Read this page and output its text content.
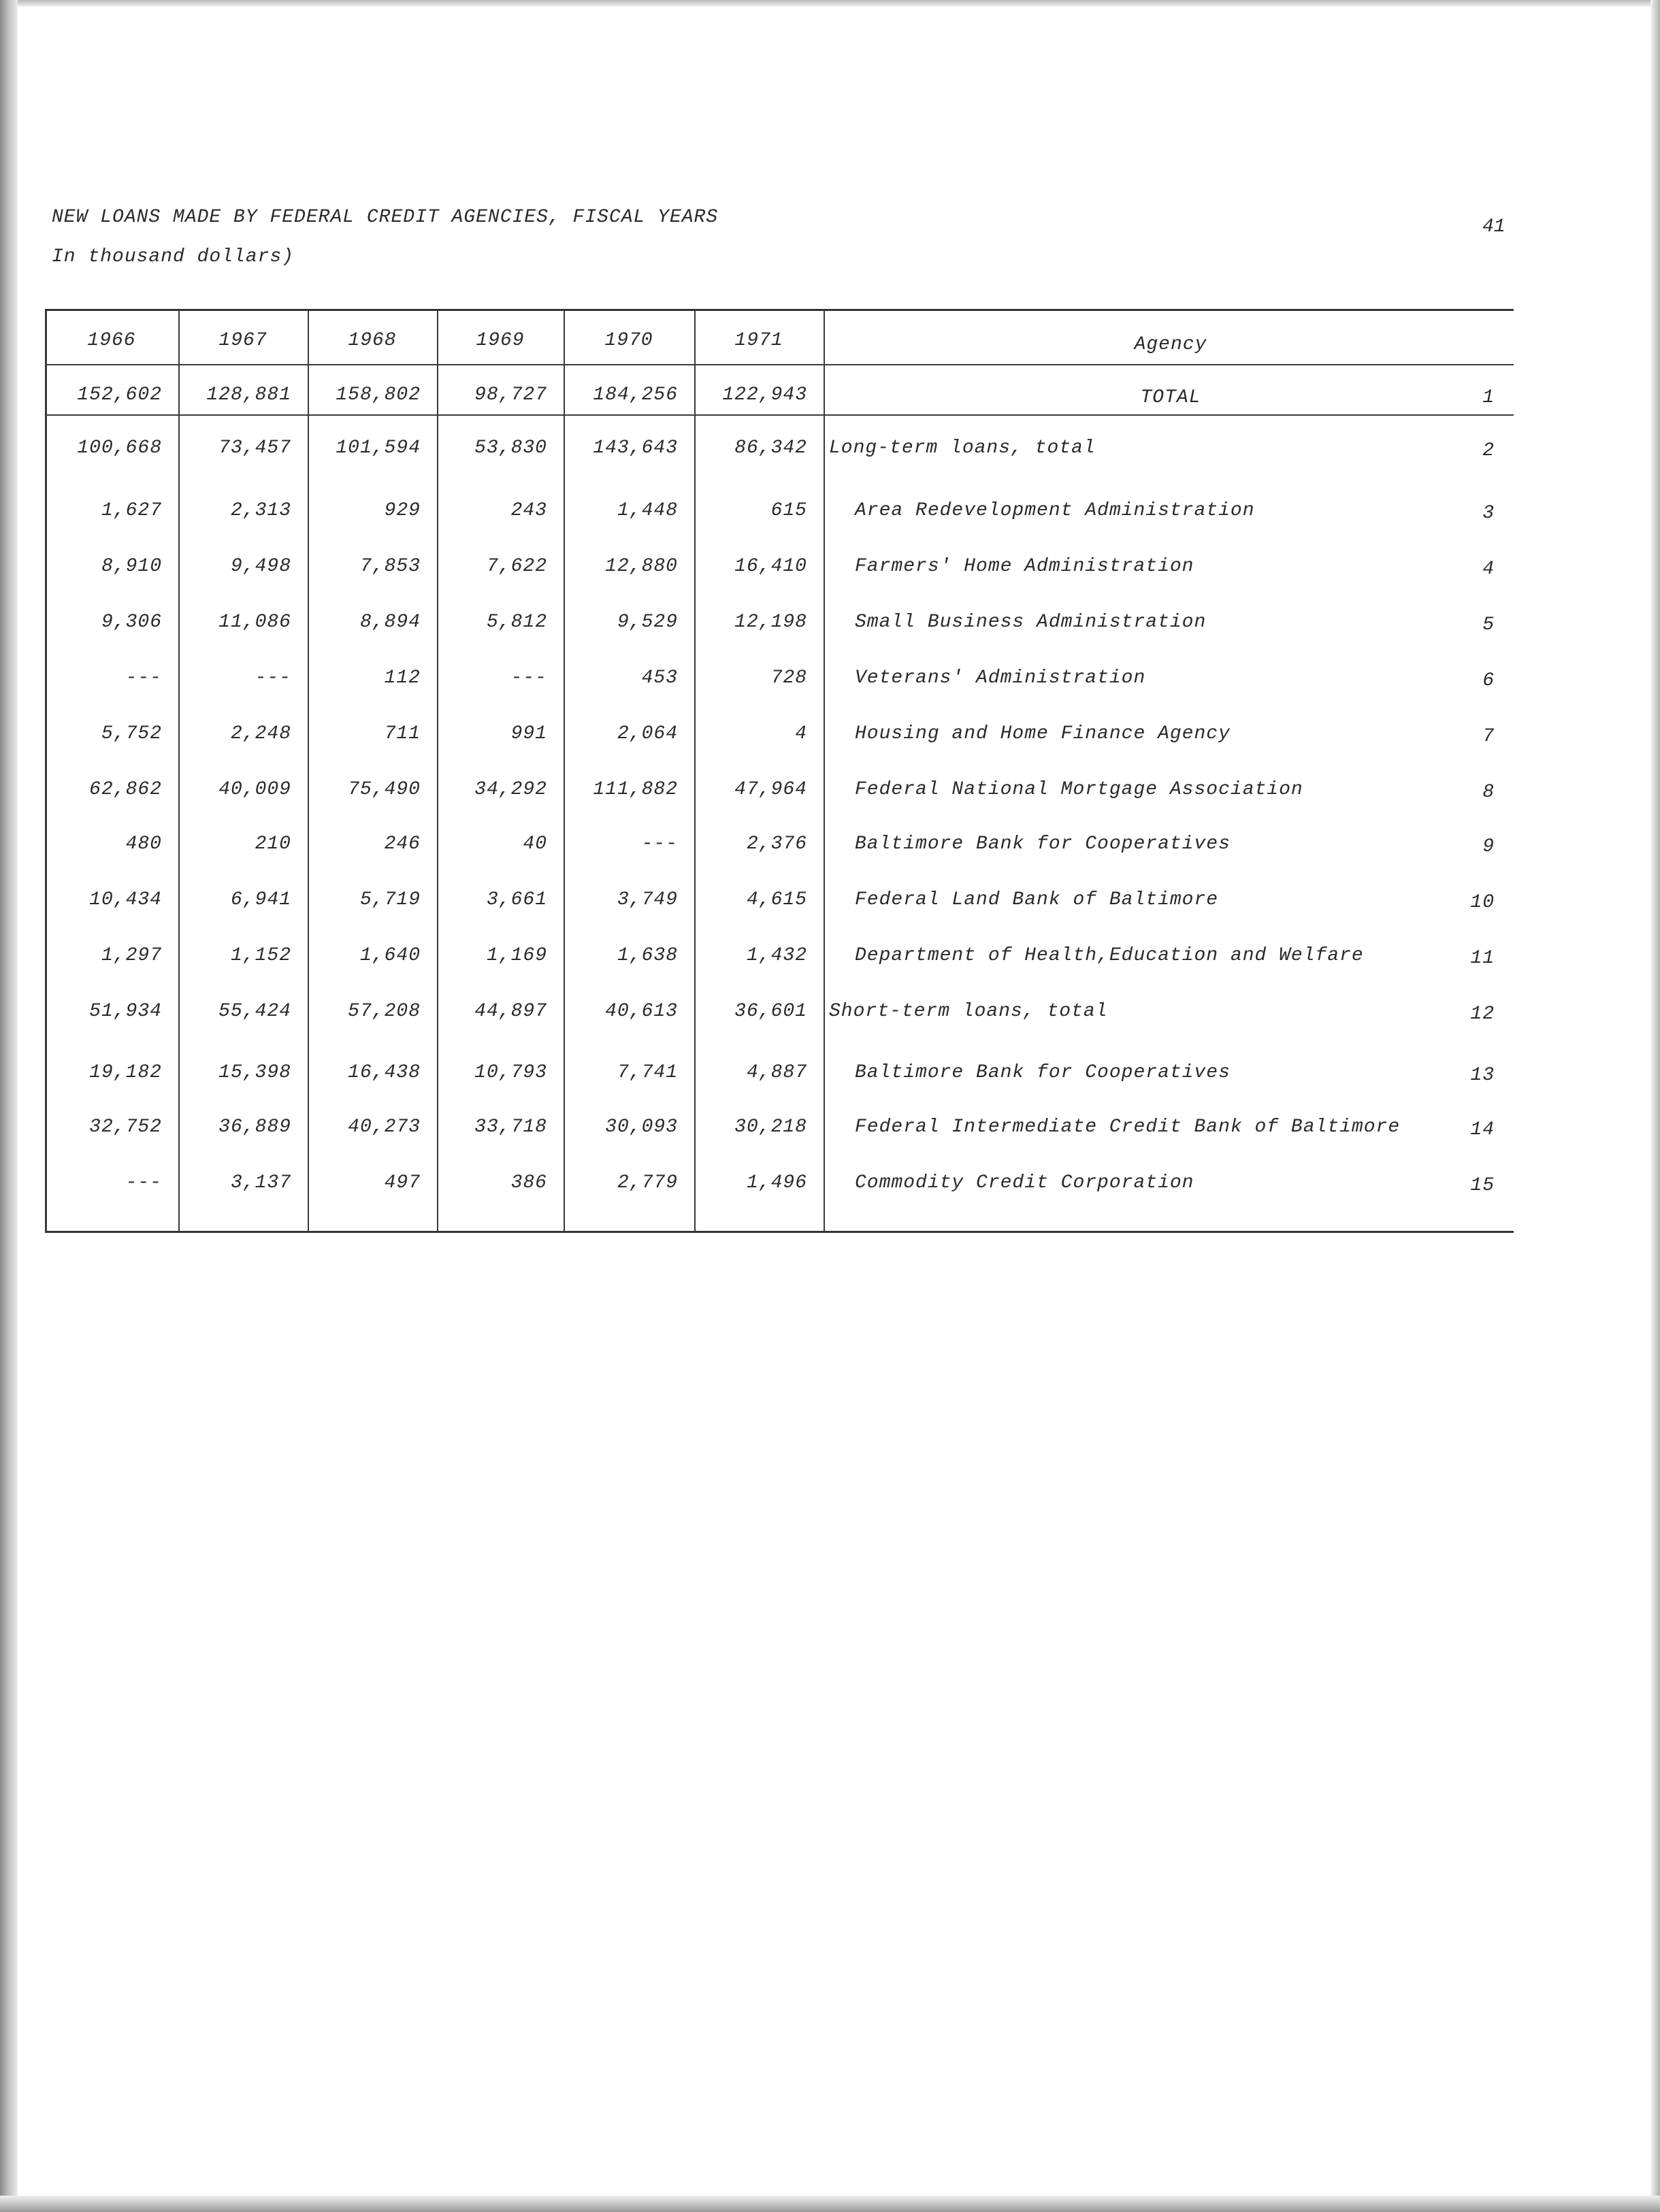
NEW LOANS MADE BY FEDERAL CREDIT AGENCIES, FISCAL YEARS
In thousand dollars)
41
1966	1967	1968	1969	1970	1971	Agency
152,602	128,881	158,802	98,727	184,256	122,943	TOTAL	1
100,668	73,457	101,594	53,830	143,643	86,342 Long-term loans, total	2
1,627	2,313	929	243	1,448	615	Area Redevelopment Administration	3
8,910	9,498	7,853	7,622	12,880	16,410	Farmers' Home Administration	4
9,306	11,086	8,894	5,812	9,529	12,198	Small Business Administration	5
---	---	112	---	453	728	Veterans' Administration	6
5,752	2,248	711	991	2,064	4	Housing and Home Finance Agency	7
62,862	40,009	75,490	34,292	111,882	47,964	Federal National Mortgage Association	8
480	210	246	40	---	2,376	Baltimore Bank for Cooperatives	9
10,434	6,941	5,719	3,661	3,749	4,615	Federal Land Bank of Baltimore	10
1,297	1,152	1,640	1,169	1,638	1,432	Department of Health,Education and Welfare	11
51,934	55,424	57,208	44,897	40,613	36,601 Short-term loans, total	12
19,182	15,398	16,438	10,793	7,741	4,887	Baltimore Bank for Cooperatives	13
32,752	36,889	40,273	33,718	30,093	30,218	Federal Intermediate Credit Bank of Baltimore	14
---	3,137	497	386	2,779	1,496	Commodity Credit Corporation	15
